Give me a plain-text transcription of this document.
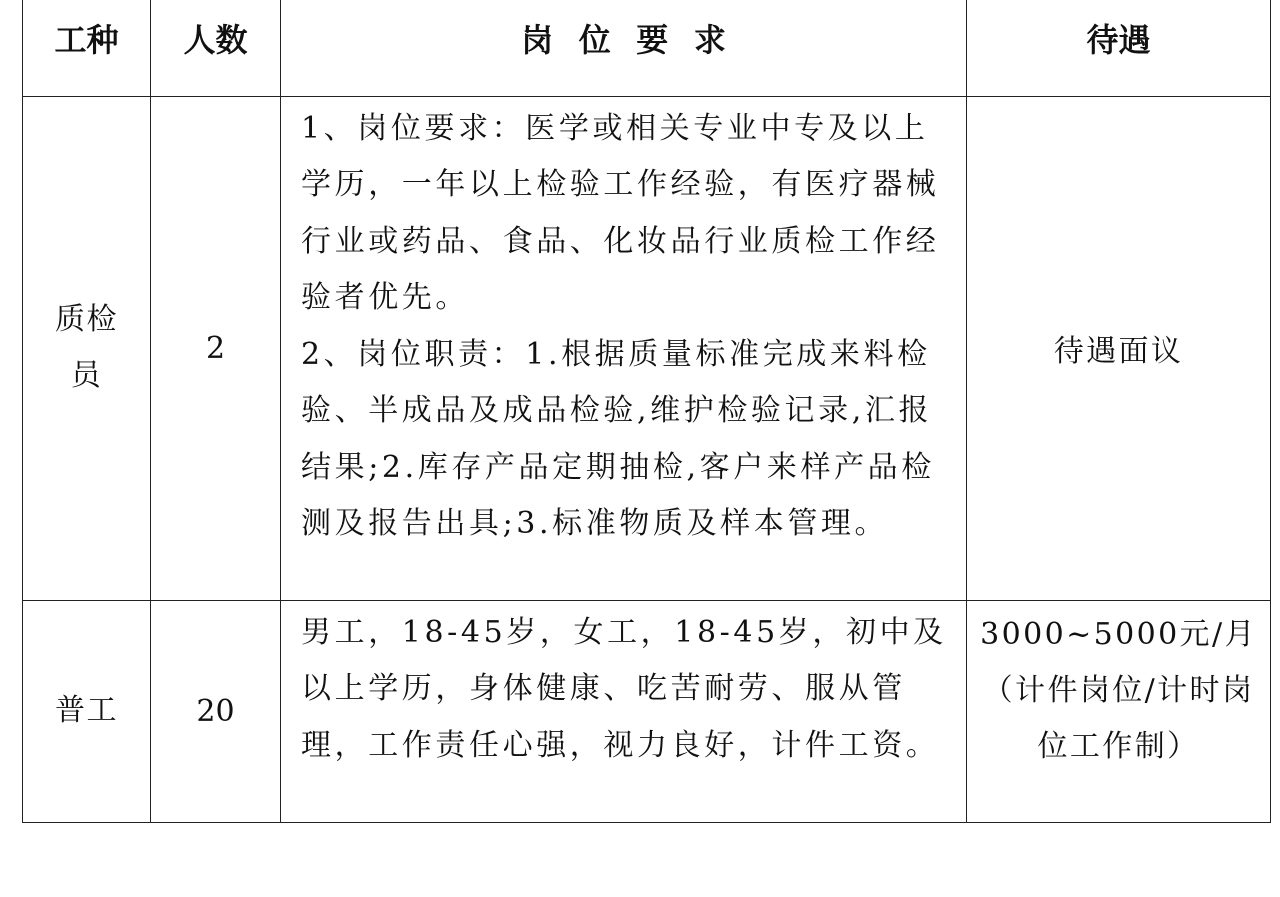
工种	人数	岗位要求	待遇
质检员	2	1、岗位要求：医学或相关专业中专及以上学历，一年以上检验工作经验，有医疗器械行业或药品、食品、化妆品行业质检工作经验者优先。

2、岗位职责：1.根据质量标准完成来料检验、半成品及成品检验,维护检验记录,汇报结果;2.库存产品定期抽检,客户来样产品检测及报告出具;3.标准物质及样本管理。	待遇面议

普工	20	男工，18-45岁，女工，18-45岁，初中及以上学历，身体健康、吃苦耐劳、服从管理，工作责任心强，视力良好，计件工资。	3000~5000元/月

（计件岗位/计时岗位工作制）
